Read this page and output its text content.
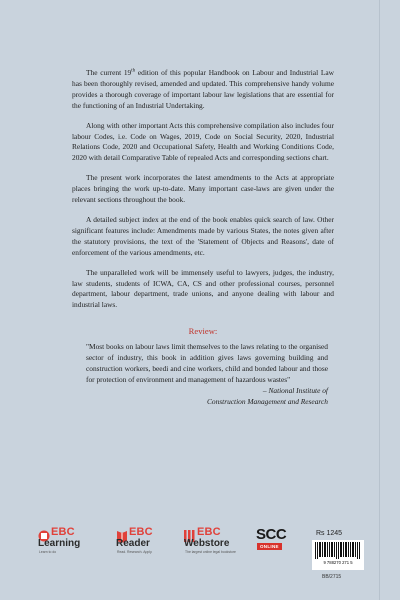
The current 19th edition of this popular Handbook on Labour and Industrial Law has been thoroughly revised, amended and updated. This comprehensive handy volume provides a thorough coverage of important labour law legislations that are essential for the functioning of an Industrial Undertaking.

Along with other important Acts this comprehensive compilation also includes four labour Codes, i.e. Code on Wages, 2019, Code on Social Security, 2020, Industrial Relations Code, 2020 and Occupational Safety, Health and Working Conditions Code, 2020 with detail Comparative Table of repealed Acts and corresponding sections chart.

The present work incorporates the latest amendments to the Acts at appropriate places bringing the work up-to-date. Many important case-laws are given under the relevant sections throughout the book.

A detailed subject index at the end of the book enables quick search of law. Other significant features include: Amendments made by various States, the notes given after the statutory provisions, the text of the 'Statement of Objects and Reasons', date of enforcement of the various amendments, etc.

The unparalleled work will be immensely useful to lawyers, judges, the industry, law students, students of ICWA, CA, CS and other professional courses, personnel department, labour department, trade unions, and anyone dealing with labour and industrial laws.

Review:
"Most books on labour laws limit themselves to the laws relating to the organised sector of industry, this book in addition gives laws governing building and construction workers, beedi and cine workers, child and bonded labour and those for protection of environment and management of hazardous wastes"
– National Institute of
Construction Management and Research
EBC
Learning
Learn to do
EBC
Reader
Read. Research. Apply.
EBC
Webstore
The largest online legal bookstore
SCC
ONLINE
Rs 1245
9 788270 271 5
BB/2715
